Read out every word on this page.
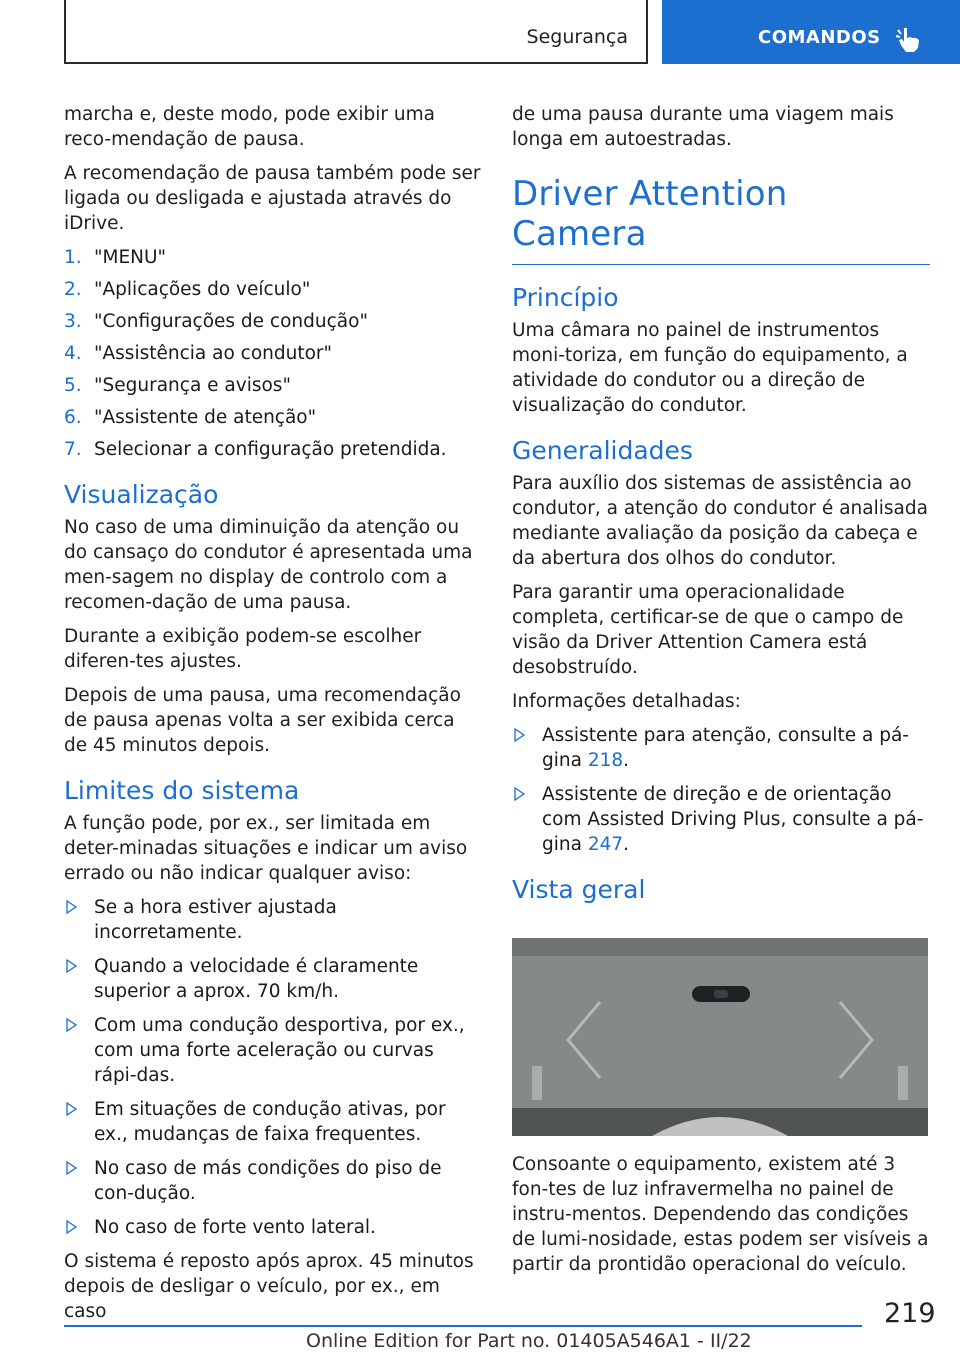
Segurança	COMANDOS

marcha e, deste modo, pode exibir uma reco-mendação de pausa.

A recomendação de pausa também pode ser ligada ou desligada e ajustada através do iDrive.

1. "MENU"
2. "Aplicações do veículo"
3. "Configurações de condução"
4. "Assistência ao condutor"
5. "Segurança e avisos"
6. "Assistente de atenção"
7. Selecionar a configuração pretendida.
Visualização

No caso de uma diminuição da atenção ou do cansaço do condutor é apresentada uma men-sagem no display de controlo com a recomen-dação de uma pausa.

Durante a exibição podem-se escolher diferen-tes ajustes.

Depois de uma pausa, uma recomendação de pausa apenas volta a ser exibida cerca de 45 minutos depois.

Limites do sistema

A função pode, por ex., ser limitada em deter-minadas situações e indicar um aviso errado ou não indicar qualquer aviso:

Se a hora estiver ajustada incorretamente.
Quando a velocidade é claramente superior a aprox. 70 km/h.
Com uma condução desportiva, por ex., com uma forte aceleração ou curvas rápi-das.
Em situações de condução ativas, por ex., mudanças de faixa frequentes.
No caso de más condições do piso de con-dução.
No caso de forte vento lateral.

O sistema é reposto após aprox. 45 minutos depois de desligar o veículo, por ex., em caso

de uma pausa durante uma viagem mais longa em autoestradas.

Driver Attention Camera
Princípio

Uma câmara no painel de instrumentos moni-toriza, em função do equipamento, a atividade do condutor ou a direção de visualização do condutor.

Generalidades

Para auxílio dos sistemas de assistência ao condutor, a atenção do condutor é analisada mediante avaliação da posição da cabeça e da abertura dos olhos do condutor.

Para garantir uma operacionalidade completa, certificar-se de que o campo de visão da Driver Attention Camera está desobstruído.

Informações detalhadas:

Assistente para atenção, consulte a pá-gina 218.
Assistente de direção e de orientação com Assisted Driving Plus, consulte a pá-gina 247.
Vista geral

Consoante o equipamento, existem até 3 fon-tes de luz infravermelha no painel de instru-mentos. Dependendo das condições de lumi-nosidade, estas podem ser visíveis a partir da prontidão operacional do veículo.

219
Online Edition for Part no. 01405A546A1 - II/22
